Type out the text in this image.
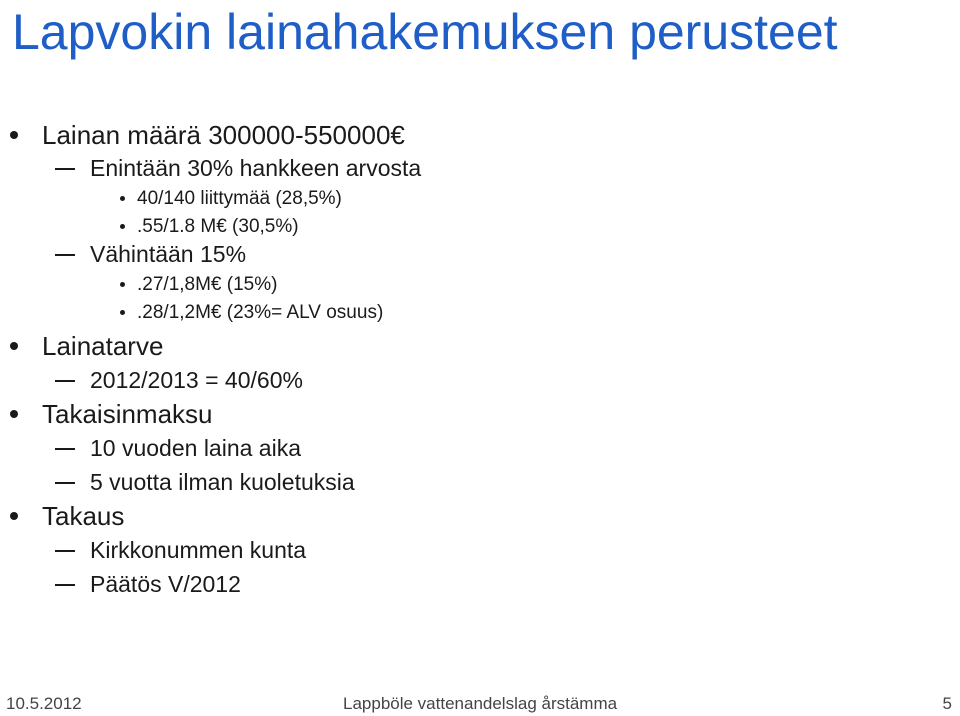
Lapvokin lainahakemuksen perusteet
Lainan määrä 300000-550000€
Enintään 30% hankkeen arvosta
40/140 liittymää (28,5%)
.55/1.8 M€ (30,5%)
Vähintään 15%
.27/1,8M€ (15%)
.28/1,2M€ (23%= ALV osuus)
Lainatarve
2012/2013 = 40/60%
Takaisinmaksu
10 vuoden laina aika
5 vuotta ilman kuoletuksia
Takaus
Kirkkonummen kunta
Päätös V/2012
10.5.2012	Lappböle vattenandelslag årstämma	5
